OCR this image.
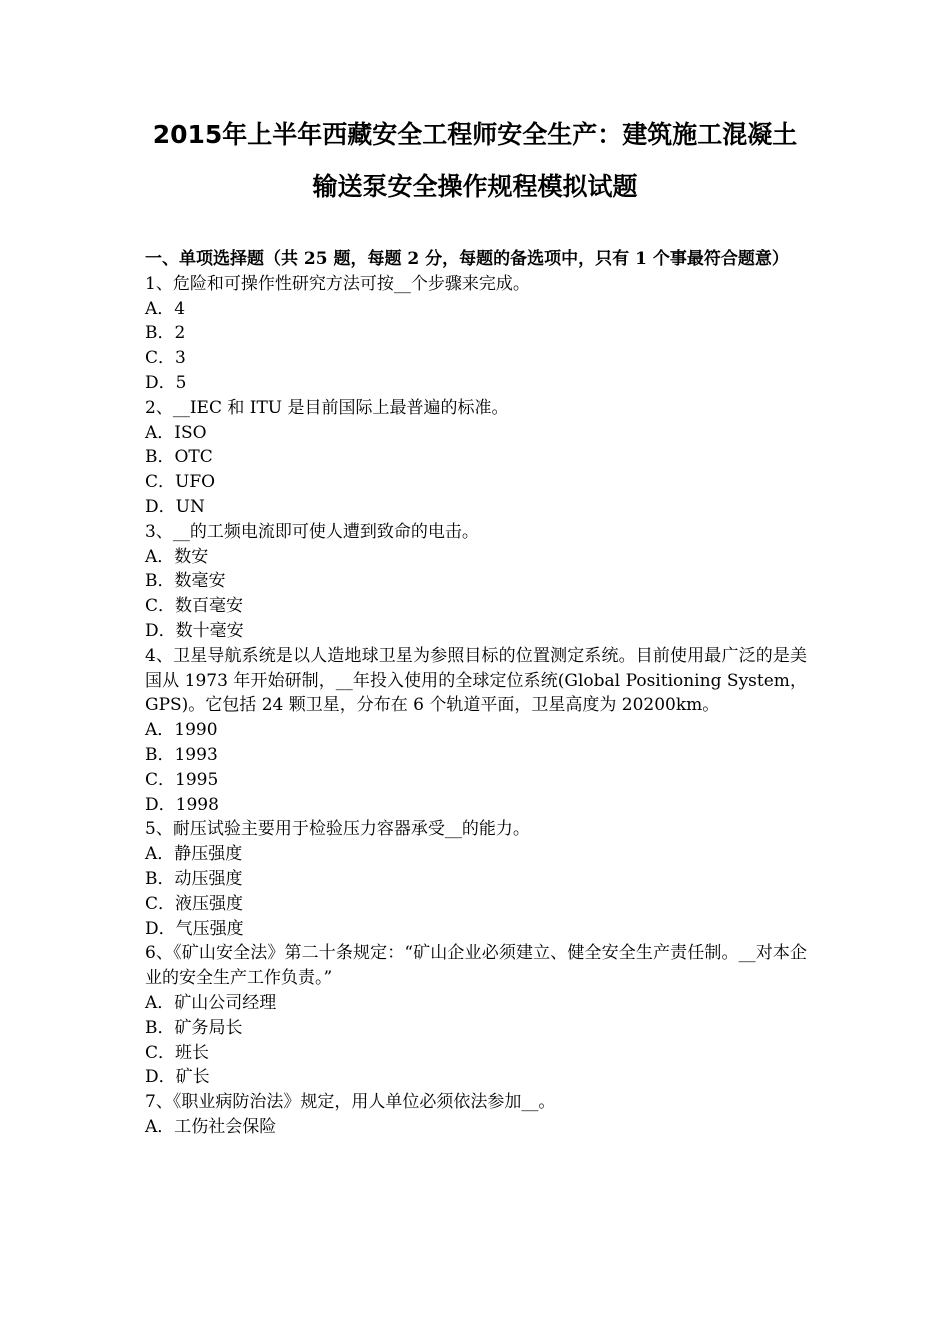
2015年上半年西藏安全工程师安全生产：建筑施工混凝土
输送泵安全操作规程模拟试题

一、单项选择题（共 25 题，每题 2 分，每题的备选项中，只有 1 个事最符合题意）

1、危险和可操作性研究方法可按__个步骤来完成。

A．4

B．2

C．3

D．5

2、__IEC 和 ITU 是目前国际上最普遍的标准。

A．ISO

B．OTC

C．UFO

D．UN

3、__的工频电流即可使人遭到致命的电击。

A．数安

B．数毫安

C．数百毫安

D．数十毫安

4、卫星导航系统是以人造地球卫星为参照目标的位置测定系统。目前使用最广泛的是美国从 1973 年开始研制，__年投入使用的全球定位系统(Global Positioning System，GPS)。它包括 24 颗卫星，分布在 6 个轨道平面，卫星高度为 20200km。

A．1990

B．1993

C．1995

D．1998

5、耐压试验主要用于检验压力容器承受__的能力。

A．静压强度

B．动压强度

C．液压强度

D．气压强度

6、《矿山安全法》第二十条规定：“矿山企业必须建立、健全安全生产责任制。__对本企业的安全生产工作负责。”

A．矿山公司经理

B．矿务局长

C．班长

D．矿长

7、《职业病防治法》规定，用人单位必须依法参加__。

A．工伤社会保险
